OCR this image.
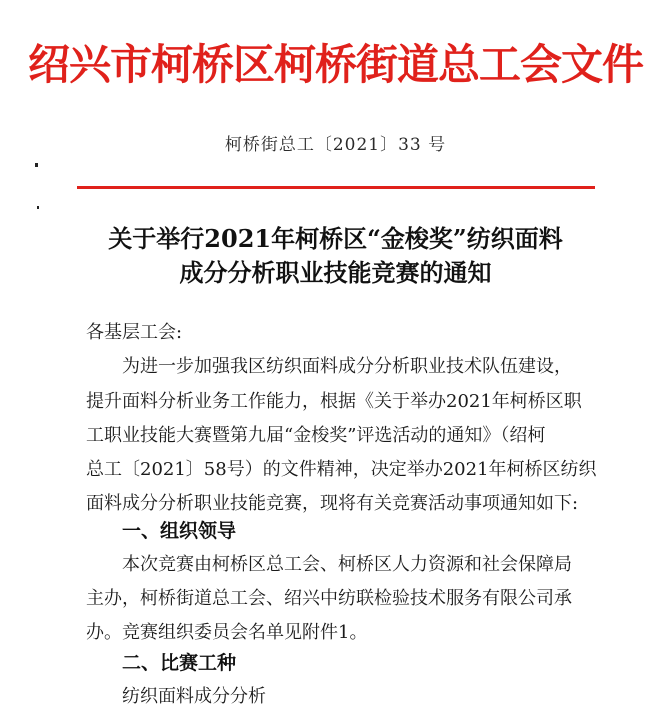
绍兴市柯桥区柯桥街道总工会文件
柯桥街总工〔2021〕33 号
关于举行2021年柯桥区“金梭奖”纺织面料
成分分析职业技能竞赛的通知
各基层工会:
为进一步加强我区纺织面料成分分析职业技术队伍建设，
提升面料分析业务工作能力，根据《关于举办2021年柯桥区职
工职业技能大赛暨第九届“金梭奖”评选活动的通知》（绍柯
总工〔2021〕58号）的文件精神，决定举办2021年柯桥区纺织
面料成分分析职业技能竞赛，现将有关竞赛活动事项通知如下:
一、组织领导
本次竞赛由柯桥区总工会、柯桥区人力资源和社会保障局
主办，柯桥街道总工会、绍兴中纺联检验技术服务有限公司承
办。竞赛组织委员会名单见附件1。
二、比赛工种
纺织面料成分分析
